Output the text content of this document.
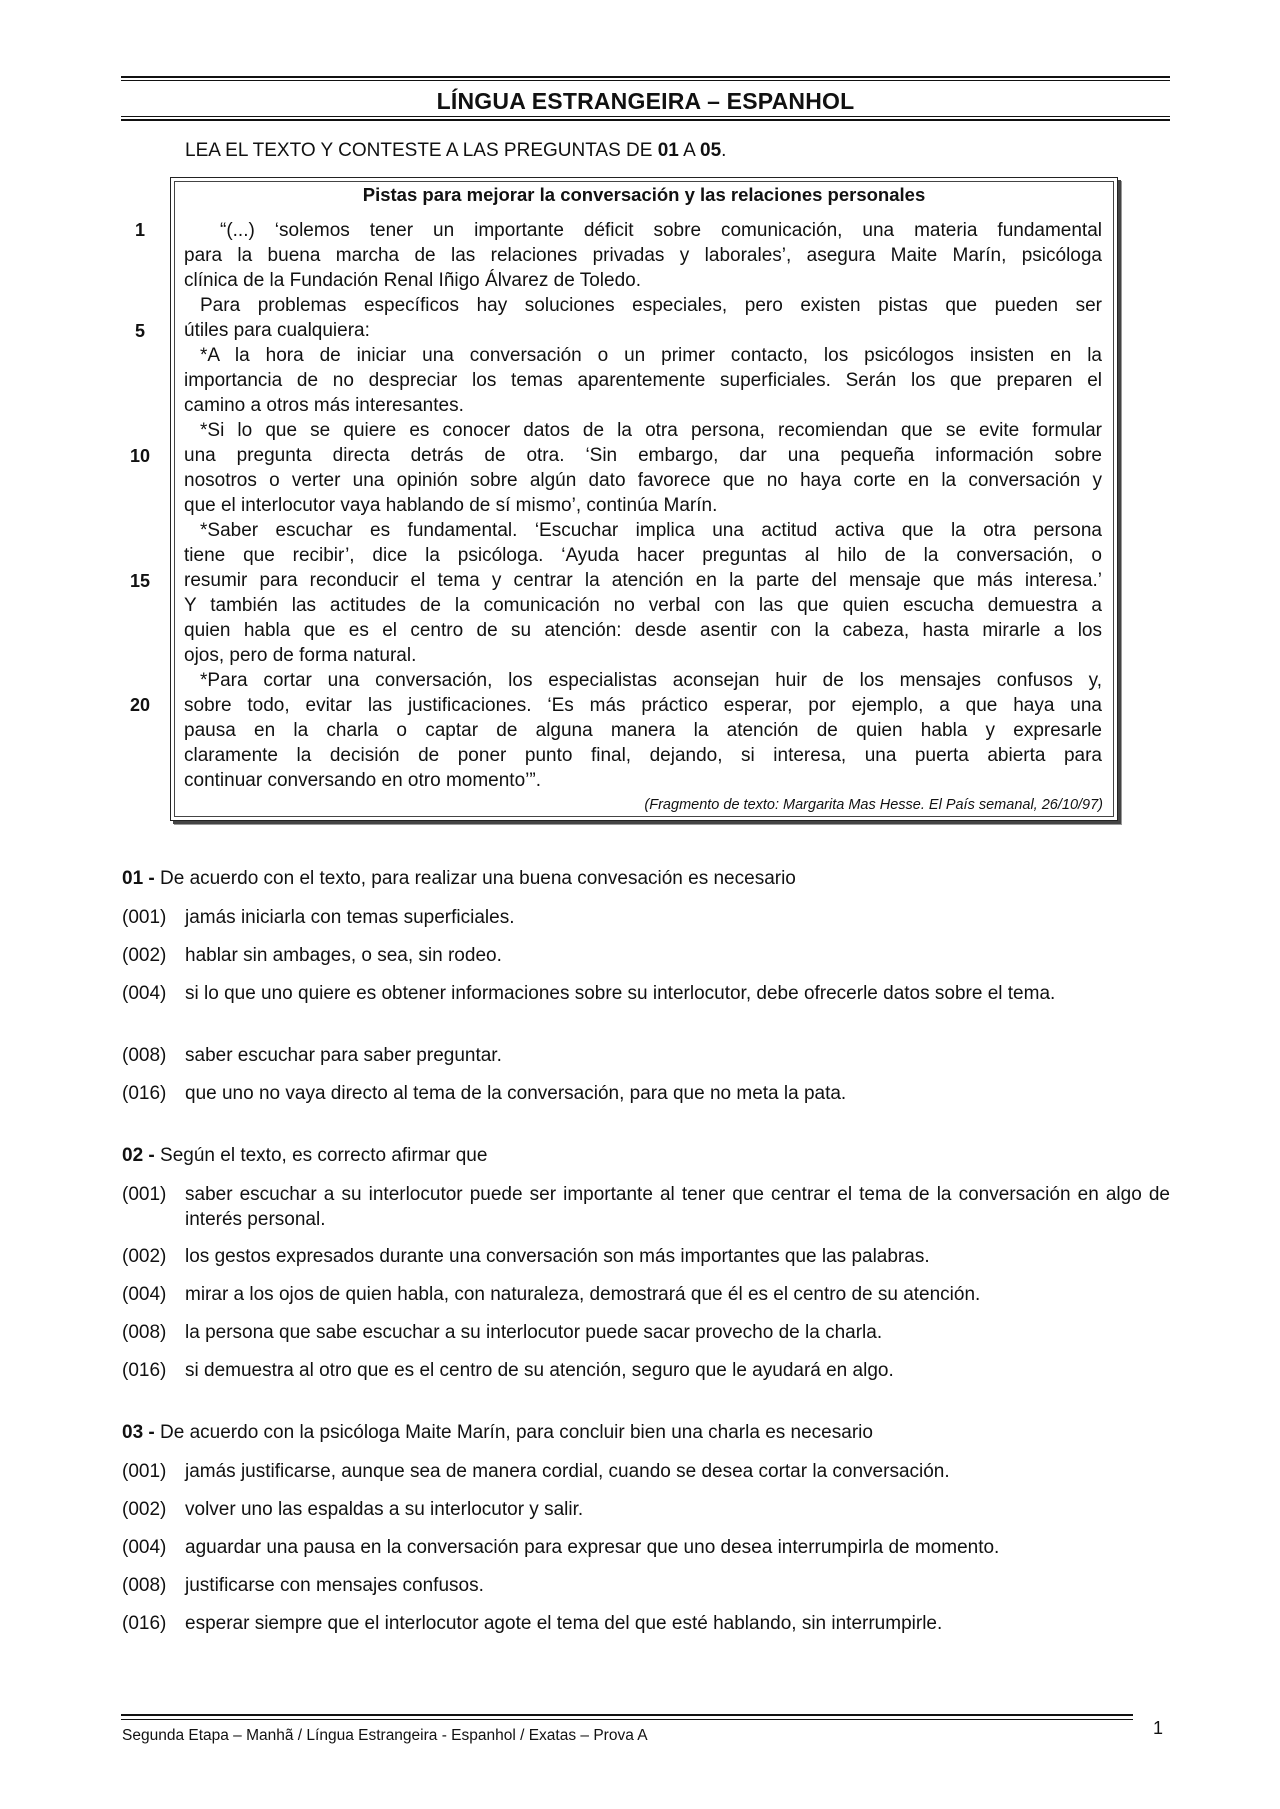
LÍNGUA ESTRANGEIRA – ESPANHOL
LEA EL TEXTO Y CONTESTE A LAS PREGUNTAS DE 01 A 05.
1
5
10
15
20
Pistas para mejorar la conversación y las relaciones personales
“(...) ‘solemos tener un importante déficit sobre comunicación, una materia fundamental
para la buena marcha de las relaciones privadas y laborales’, asegura Maite Marín, psicóloga
clínica de la Fundación Renal Iñigo Álvarez de Toledo.
Para problemas específicos hay soluciones especiales, pero existen pistas que pueden ser
útiles para cualquiera:
*A la hora de iniciar una conversación o un primer contacto, los psicólogos insisten en la
importancia de no despreciar los temas aparentemente superficiales. Serán los que preparen el
camino a otros más interesantes.
*Si lo que se quiere es conocer datos de la otra persona, recomiendan que se evite formular
una pregunta directa detrás de otra. ‘Sin embargo, dar una pequeña información sobre
nosotros o verter una opinión sobre algún dato favorece que no haya corte en la conversación y
que el interlocutor vaya hablando de sí mismo’, continúa Marín.
*Saber escuchar es fundamental. ‘Escuchar implica una actitud activa que la otra persona
tiene que recibir’, dice la psicóloga. ‘Ayuda hacer preguntas al hilo de la conversación, o
resumir para reconducir el tema y centrar la atención en la parte del mensaje que más interesa.’
Y también las actitudes de la comunicación no verbal con las que quien escucha demuestra a
quien habla que es el centro de su atención: desde asentir con la cabeza, hasta mirarle a los
ojos, pero de forma natural.
*Para cortar una conversación, los especialistas aconsejan huir de los mensajes confusos y,
sobre todo, evitar las justificaciones. ‘Es más práctico esperar, por ejemplo, a que haya una
pausa en la charla o captar de alguna manera la atención de quien habla y expresarle
claramente la decisión de poner punto final, dejando, si interesa, una puerta abierta para
continuar conversando en otro momento’”.
(Fragmento de texto: Margarita Mas Hesse. El País semanal, 26/10/97)
01 - De acuerdo con el texto, para realizar una buena convesación es necesario
(001) jamás iniciarla con temas superficiales.
(002) hablar sin ambages, o sea, sin rodeo.
(004) si lo que uno quiere es obtener informaciones sobre su interlocutor, debe ofrecerle datos sobre el tema.
(008) saber escuchar para saber preguntar.
(016) que uno no vaya directo al tema de la conversación, para que no meta la pata.
02 - Según el texto, es correcto afirmar que
(001) saber escuchar a su interlocutor puede ser importante al tener que centrar el tema de la conversación en algo de interés personal.
(002) los gestos expresados durante una conversación son más importantes que las palabras.
(004) mirar a los ojos de quien habla, con naturaleza, demostrará que él es el centro de su atención.
(008) la persona que sabe escuchar a su interlocutor puede sacar provecho de la charla.
(016) si demuestra al otro que es el centro de su atención, seguro que le ayudará en algo.
03 - De acuerdo con la psicóloga Maite Marín, para concluir bien una charla es necesario
(001) jamás justificarse, aunque sea de manera cordial, cuando se desea cortar la conversación.
(002) volver uno las espaldas a su interlocutor y salir.
(004) aguardar una pausa en la conversación para expresar que uno desea interrumpirla de momento.
(008) justificarse con mensajes confusos.
(016) esperar siempre que el interlocutor agote el tema del que esté hablando, sin interrumpirle.
Segunda Etapa – Manhã / Língua Estrangeira - Espanhol / Exatas – Prova A	1
